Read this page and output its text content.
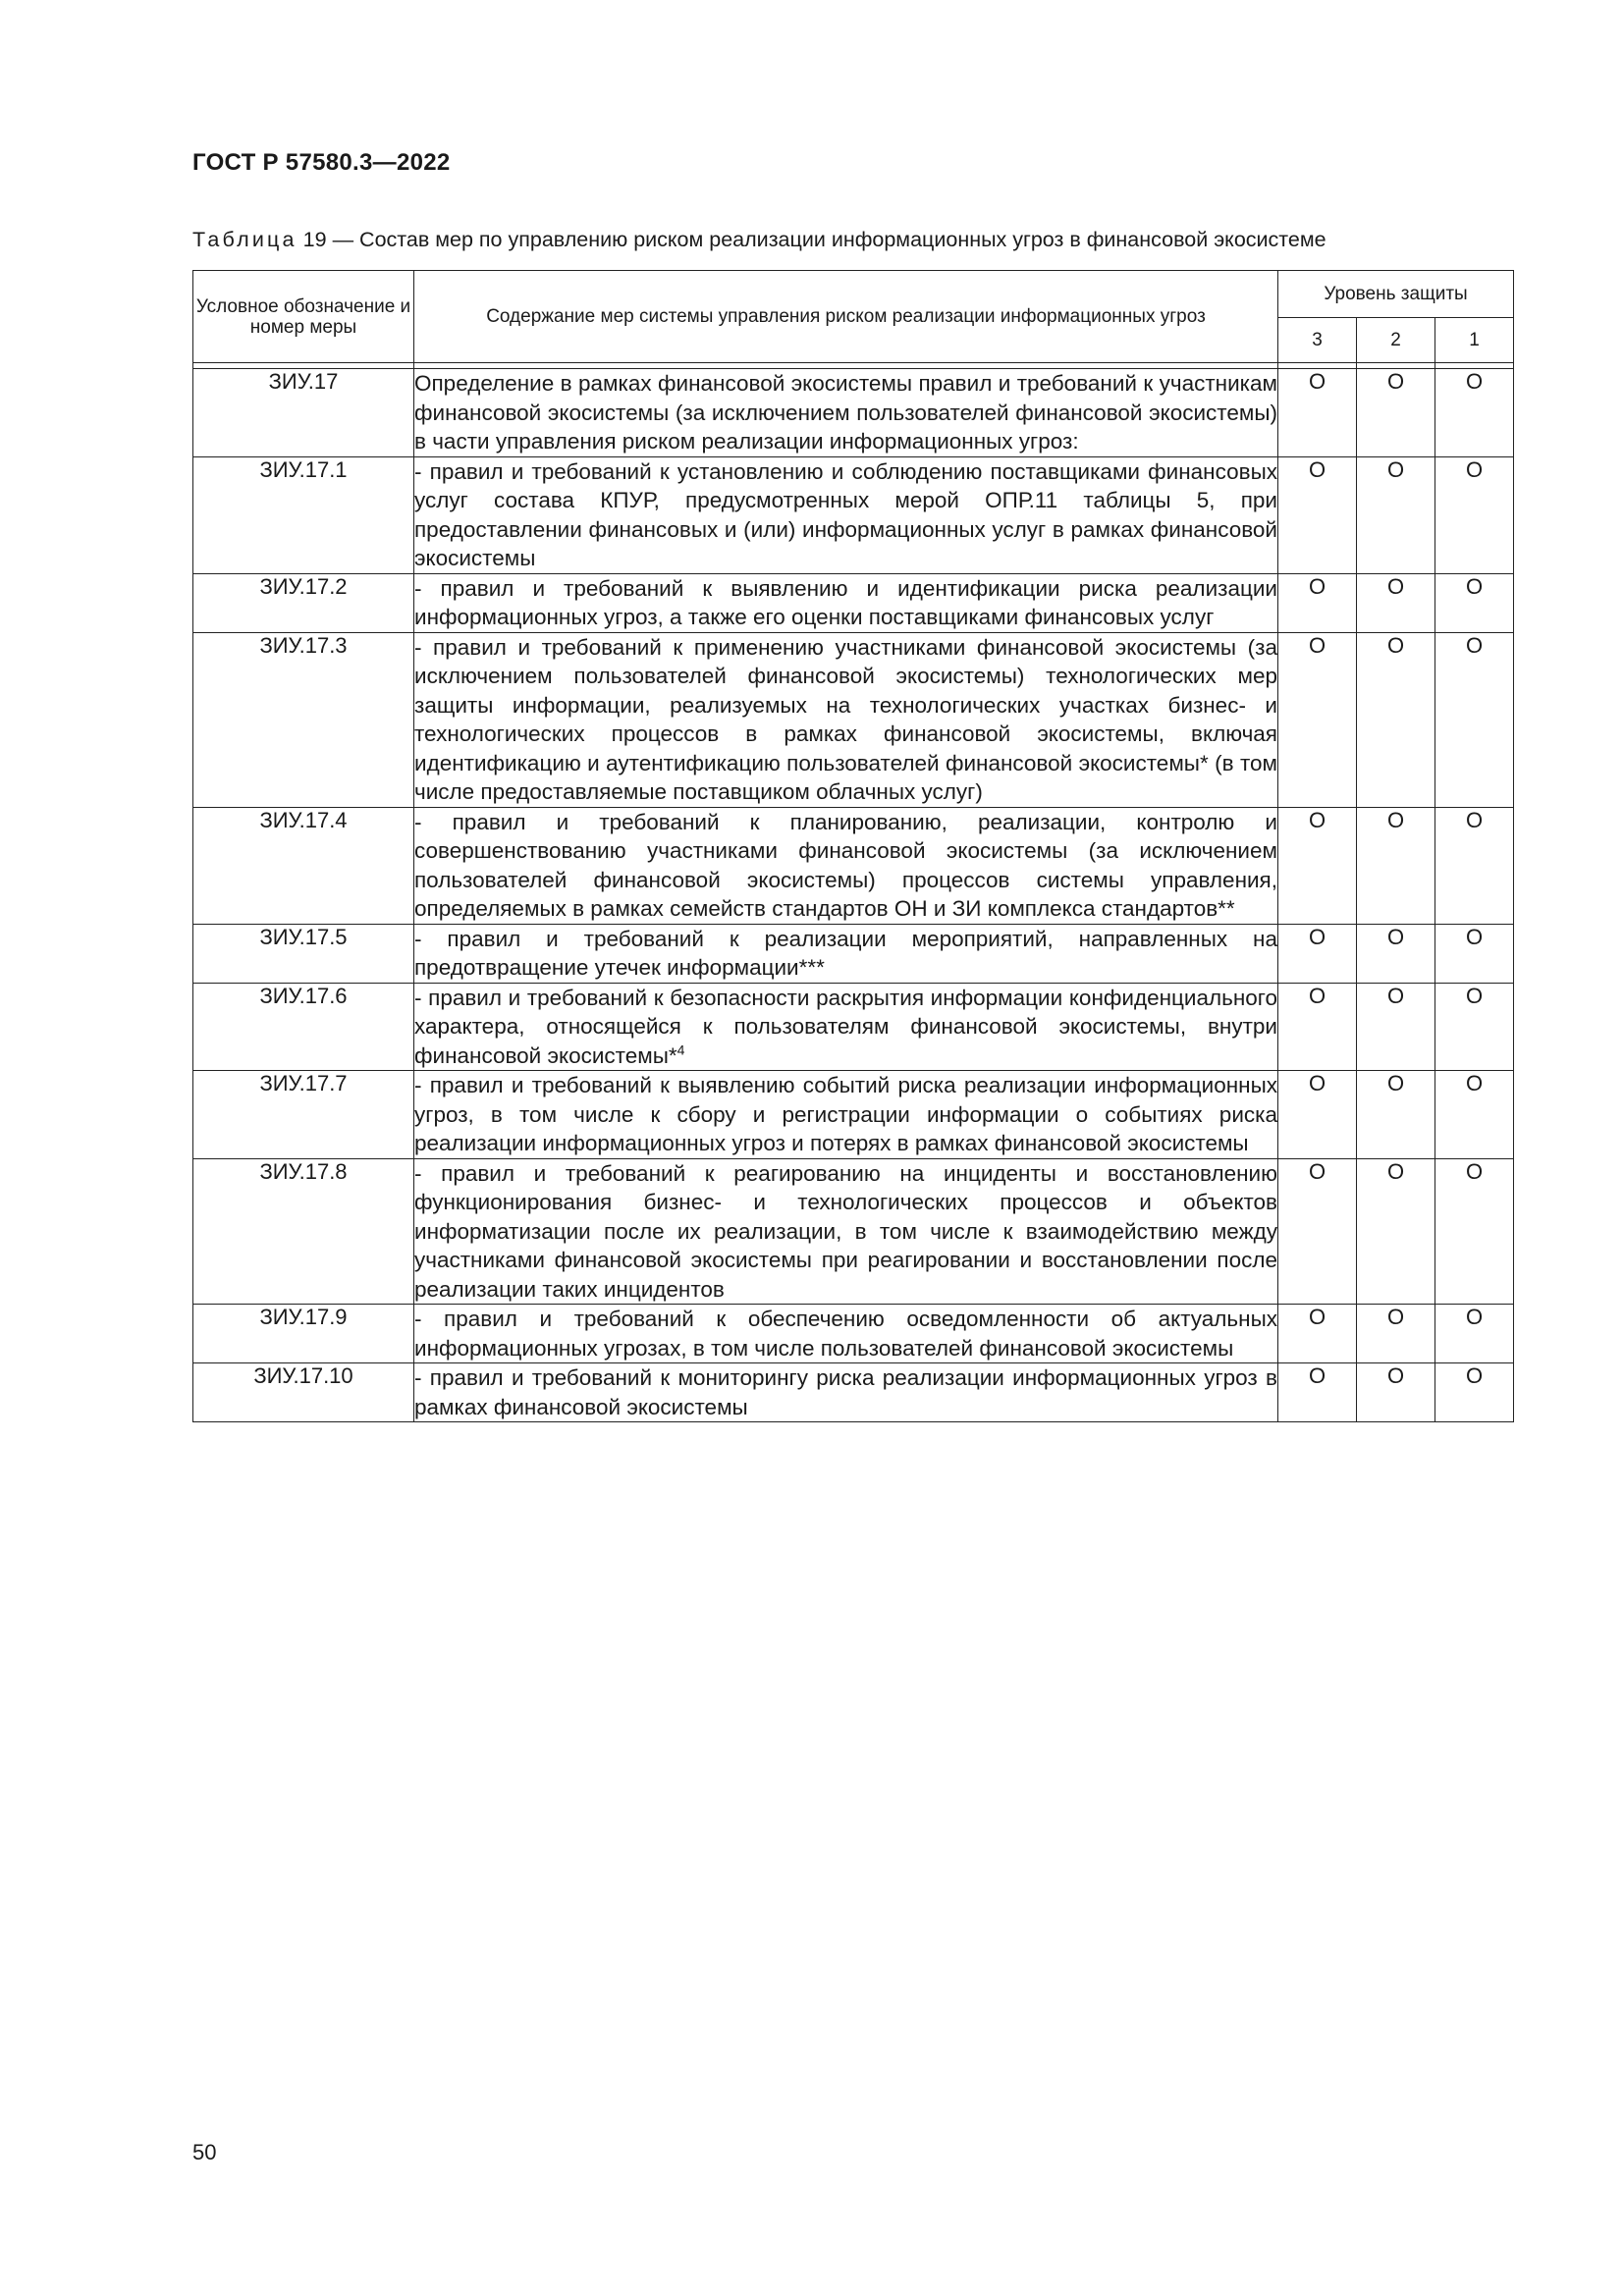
ГОСТ Р 57580.3—2022
Таблица 19 — Состав мер по управлению риском реализации информационных угроз в финансовой экосистеме
Условное обозначение и номер меры	Содержание мер системы управления риском реализации информационных угроз	Уровень защиты		
		3	2	1

ЗИУ.17	Определение в рамках финансовой экосистемы правил и требований к участникам финансовой экосистемы (за исключением пользователей финансовой экосистемы) в части управления риском реализации информационных угроз:	О	О	О
ЗИУ.17.1	- правил и требований к установлению и соблюдению поставщиками финансовых услуг состава КПУР, предусмотренных мерой ОПР.11 таблицы 5, при предоставлении финансовых и (или) информационных услуг в рамках финансовой экосистемы	О	О	О
ЗИУ.17.2	- правил и требований к выявлению и идентификации риска реализации информационных угроз, а также его оценки поставщиками финансовых услуг	О	О	О
ЗИУ.17.3	- правил и требований к применению участниками финансовой экосистемы (за исключением пользователей финансовой экосистемы) технологических мер защиты информации, реализуемых на технологических участках бизнес- и технологических процессов в рамках финансовой экосистемы, включая идентификацию и аутентификацию пользователей финансовой экосистемы* (в том числе предоставляемые поставщиком облачных услуг)	О	О	О
ЗИУ.17.4	- правил и требований к планированию, реализации, контролю и совершенствованию участниками финансовой экосистемы (за исключением пользователей финансовой экосистемы) процессов системы управления, определяемых в рамках семейств стандартов ОН и ЗИ комплекса стандартов**	О	О	О
ЗИУ.17.5	- правил и требований к реализации мероприятий, направленных на предотвращение утечек информации***	О	О	О
ЗИУ.17.6	- правил и требований к безопасности раскрытия информации конфиденциального характера, относящейся к пользователям финансовой экосистемы, внутри финансовой экосистемы*$^4$	О	О	О
ЗИУ.17.7	- правил и требований к выявлению событий риска реализации информационных угроз, в том числе к сбору и регистрации информации о событиях риска реализации информационных угроз и потерях в рамках финансовой экосистемы	О	О	О
ЗИУ.17.8	- правил и требований к реагированию на инциденты и восстановлению функционирования бизнес- и технологических процессов и объектов информатизации после их реализации, в том числе к взаимодействию между участниками финансовой экосистемы при реагировании и восстановлении после реализации таких инцидентов	О	О	О
ЗИУ.17.9	- правил и требований к обеспечению осведомленности об актуальных информационных угрозах, в том числе пользователей финансовой экосистемы	О	О	О
ЗИУ.17.10	- правил и требований к мониторингу риска реализации информационных угроз в рамках финансовой экосистемы	О	О	О
50
